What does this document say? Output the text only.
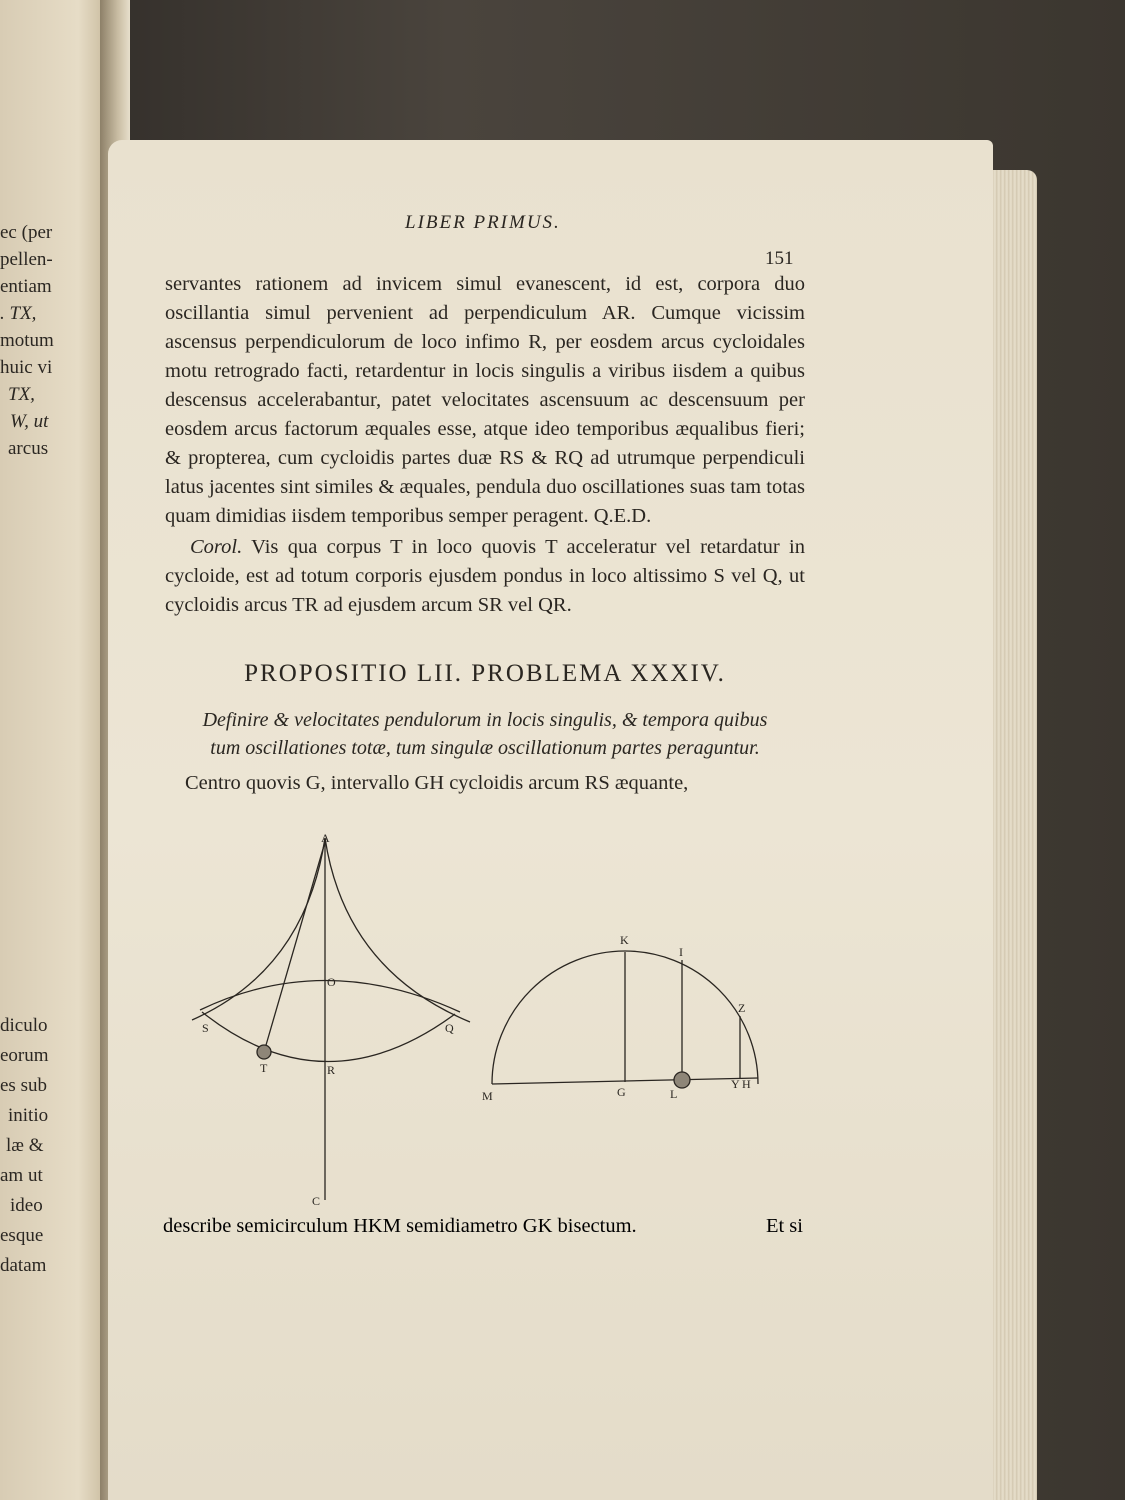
ec (per
pellen-
entiam
. TX,
motum
huic vi
TX,
W, ut
arcus
diculo
eorum
es sub
initio
læ &
am ut
ideo
esque
datam
LIBER PRIMUS.
151

servantes rationem ad invicem simul evanescent, id est, corpora duo oscillantia simul pervenient ad perpendiculum AR. Cumque vicissim ascensus perpendiculorum de loco infimo R, per eosdem arcus cycloidales motu retrogrado facti, retardentur in locis singulis a viribus iisdem a quibus descensus accelerabantur, patet velocitates ascensuum ac descensuum per eosdem arcus factorum æquales esse, atque ideo temporibus æqualibus fieri; & propterea, cum cycloidis partes duæ RS & RQ ad utrumque perpendiculi latus jacentes sint similes & æquales, pendula duo oscillationes suas tam totas quam dimidias iisdem temporibus semper peragent. Q.E.D.

Corol. Vis qua corpus T in loco quovis T acceleratur vel retardatur in cycloide, est ad totum corporis ejusdem pondus in loco altissimo S vel Q, ut cycloidis arcus TR ad ejusdem arcum SR vel QR.

PROPOSITIO LII. PROBLEMA XXXIV.
Definire & velocitates pendulorum in locis singulis, & tempora quibus
tum oscillationes totæ, tum singulæ oscillationum partes peraguntur.
Centro quovis G, intervallo GH cycloidis arcum RS æquante,
A
O
S	Q
T	R
C
K
I
Z
M	G	L
Y H
describe semicirculum HKM semidiametro GK bisectum.	Et si
